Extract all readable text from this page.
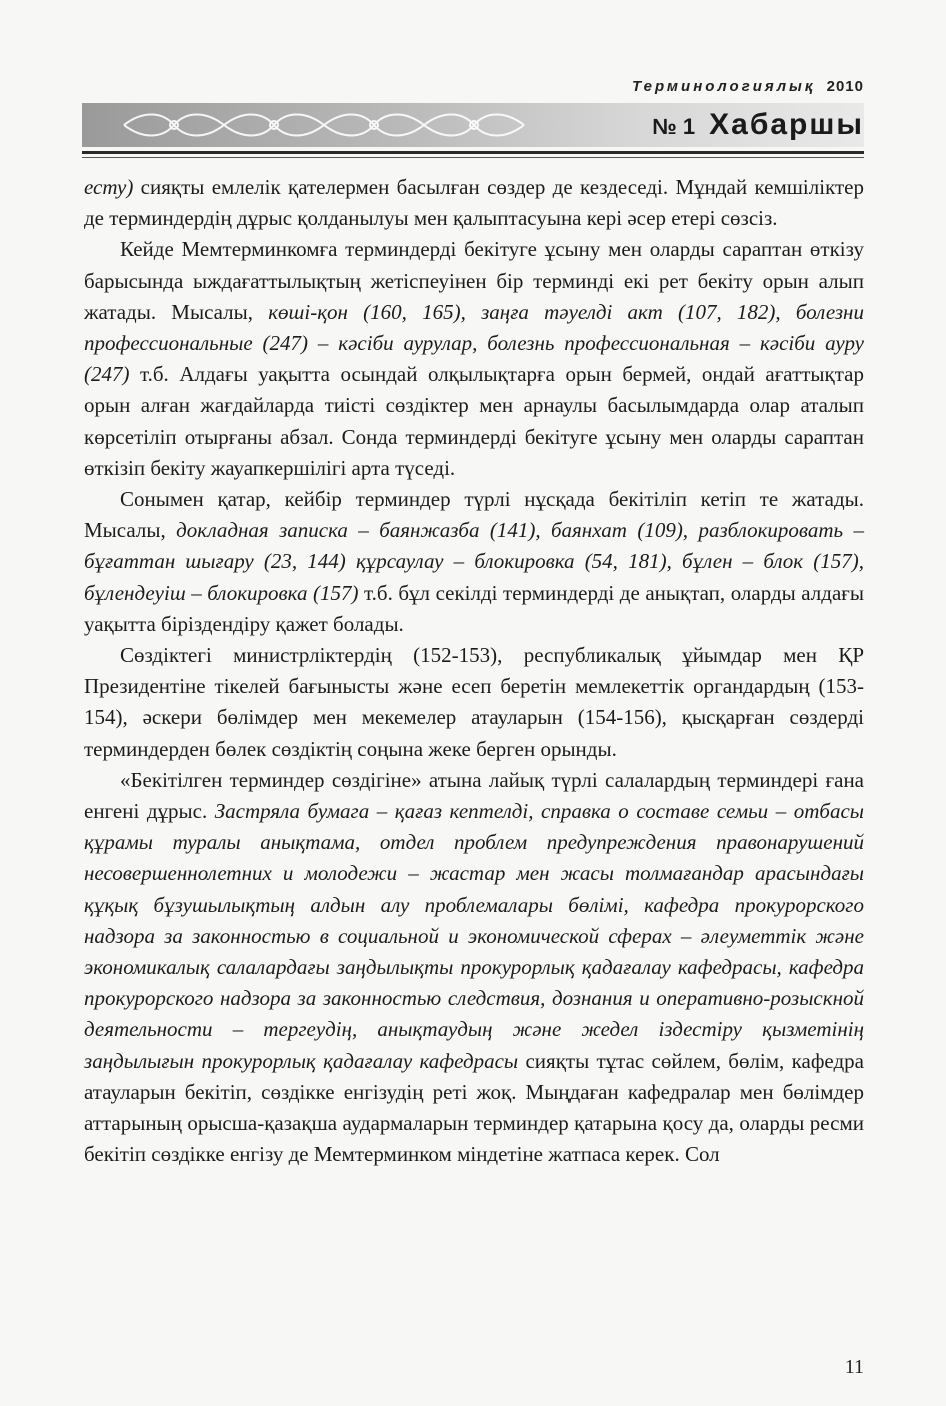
Терминологиялық 2010
№ 1 Хабаршы

есту) сияқты емлелік қателермен басылған сөздер де кездеседі. Мұндай кемшіліктер де терминдердің дұрыс қолданылуы мен қалыптасуына кері әсер етері сөзсіз.

Кейде Мемтерминкомға терминдерді бекітуге ұсыну мен оларды сараптан өткізу барысында ыждағаттылықтың жетіспеуінен бір терминді екі рет бекіту орын алып жатады. Мысалы, көші-қон (160, 165), заңға тәуелді акт (107, 182), болезни профессиональные (247) – кәсіби аурулар, болезнь профессиональная – кәсіби ауру (247) т.б. Алдағы уақытта осындай олқылықтарға орын бермей, ондай ағаттықтар орын алған жағдайларда тиісті сөздіктер мен арнаулы басылымдарда олар аталып көрсетіліп отырғаны абзал. Сонда терминдерді бекітуге ұсыну мен оларды сараптан өткізіп бекіту жауапкершілігі арта түседі.

Сонымен қатар, кейбір терминдер түрлі нұсқада бекітіліп кетіп те жатады. Мысалы, докладная записка – баянжазба (141), баянхат (109), разблокировать – бұғаттан шығару (23, 144) құрсаулау – блокировка (54, 181), бұлен – блок (157), бұлендеуіш – блокировка (157) т.б. бұл секілді терминдерді де анықтап, оларды алдағы уақытта біріздендіру қажет болады.

Сөздіктегі министрліктердің (152-153), республикалық ұйымдар мен ҚР Президентіне тікелей бағынысты және есеп беретін мемлекеттік органдардың (153-154), әскери бөлімдер мен мекемелер атауларын (154-156), қысқарған сөздерді терминдерден бөлек сөздіктің соңына жеке берген орынды.

«Бекітілген терминдер сөздігіне» атына лайық түрлі салалардың терминдері ғана енгені дұрыс. Застряла бумага – қағаз кептелді, справка о составе семьи – отбасы құрамы туралы анықтама, отдел проблем предупреждения правонарушений несовершеннолетних и молодежи – жастар мен жасы толмағандар арасындағы құқық бұзушылықтың алдын алу проблемалары бөлімі, кафедра прокурорского надзора за законностью в социальной и экономической сферах – әлеуметтік және экономикалық салалардағы заңдылықты прокурорлық қадағалау кафедрасы, кафедра прокурорского надзора за законностью следствия, дознания и оперативно-розыскной деятельности – тергеудің, анықтаудың және жедел іздестіру қызметінің заңдылығын прокурорлық қадағалау кафедрасы сияқты тұтас сөйлем, бөлім, кафедра атауларын бекітіп, сөздікке енгізудің реті жоқ. Мыңдаған кафедралар мен бөлімдер аттарының орысша-қазақша аудармаларын терминдер қатарына қосу да, оларды ресми бекітіп сөздікке енгізу де Мемтерминком міндетіне жатпаса керек. Сол

11
